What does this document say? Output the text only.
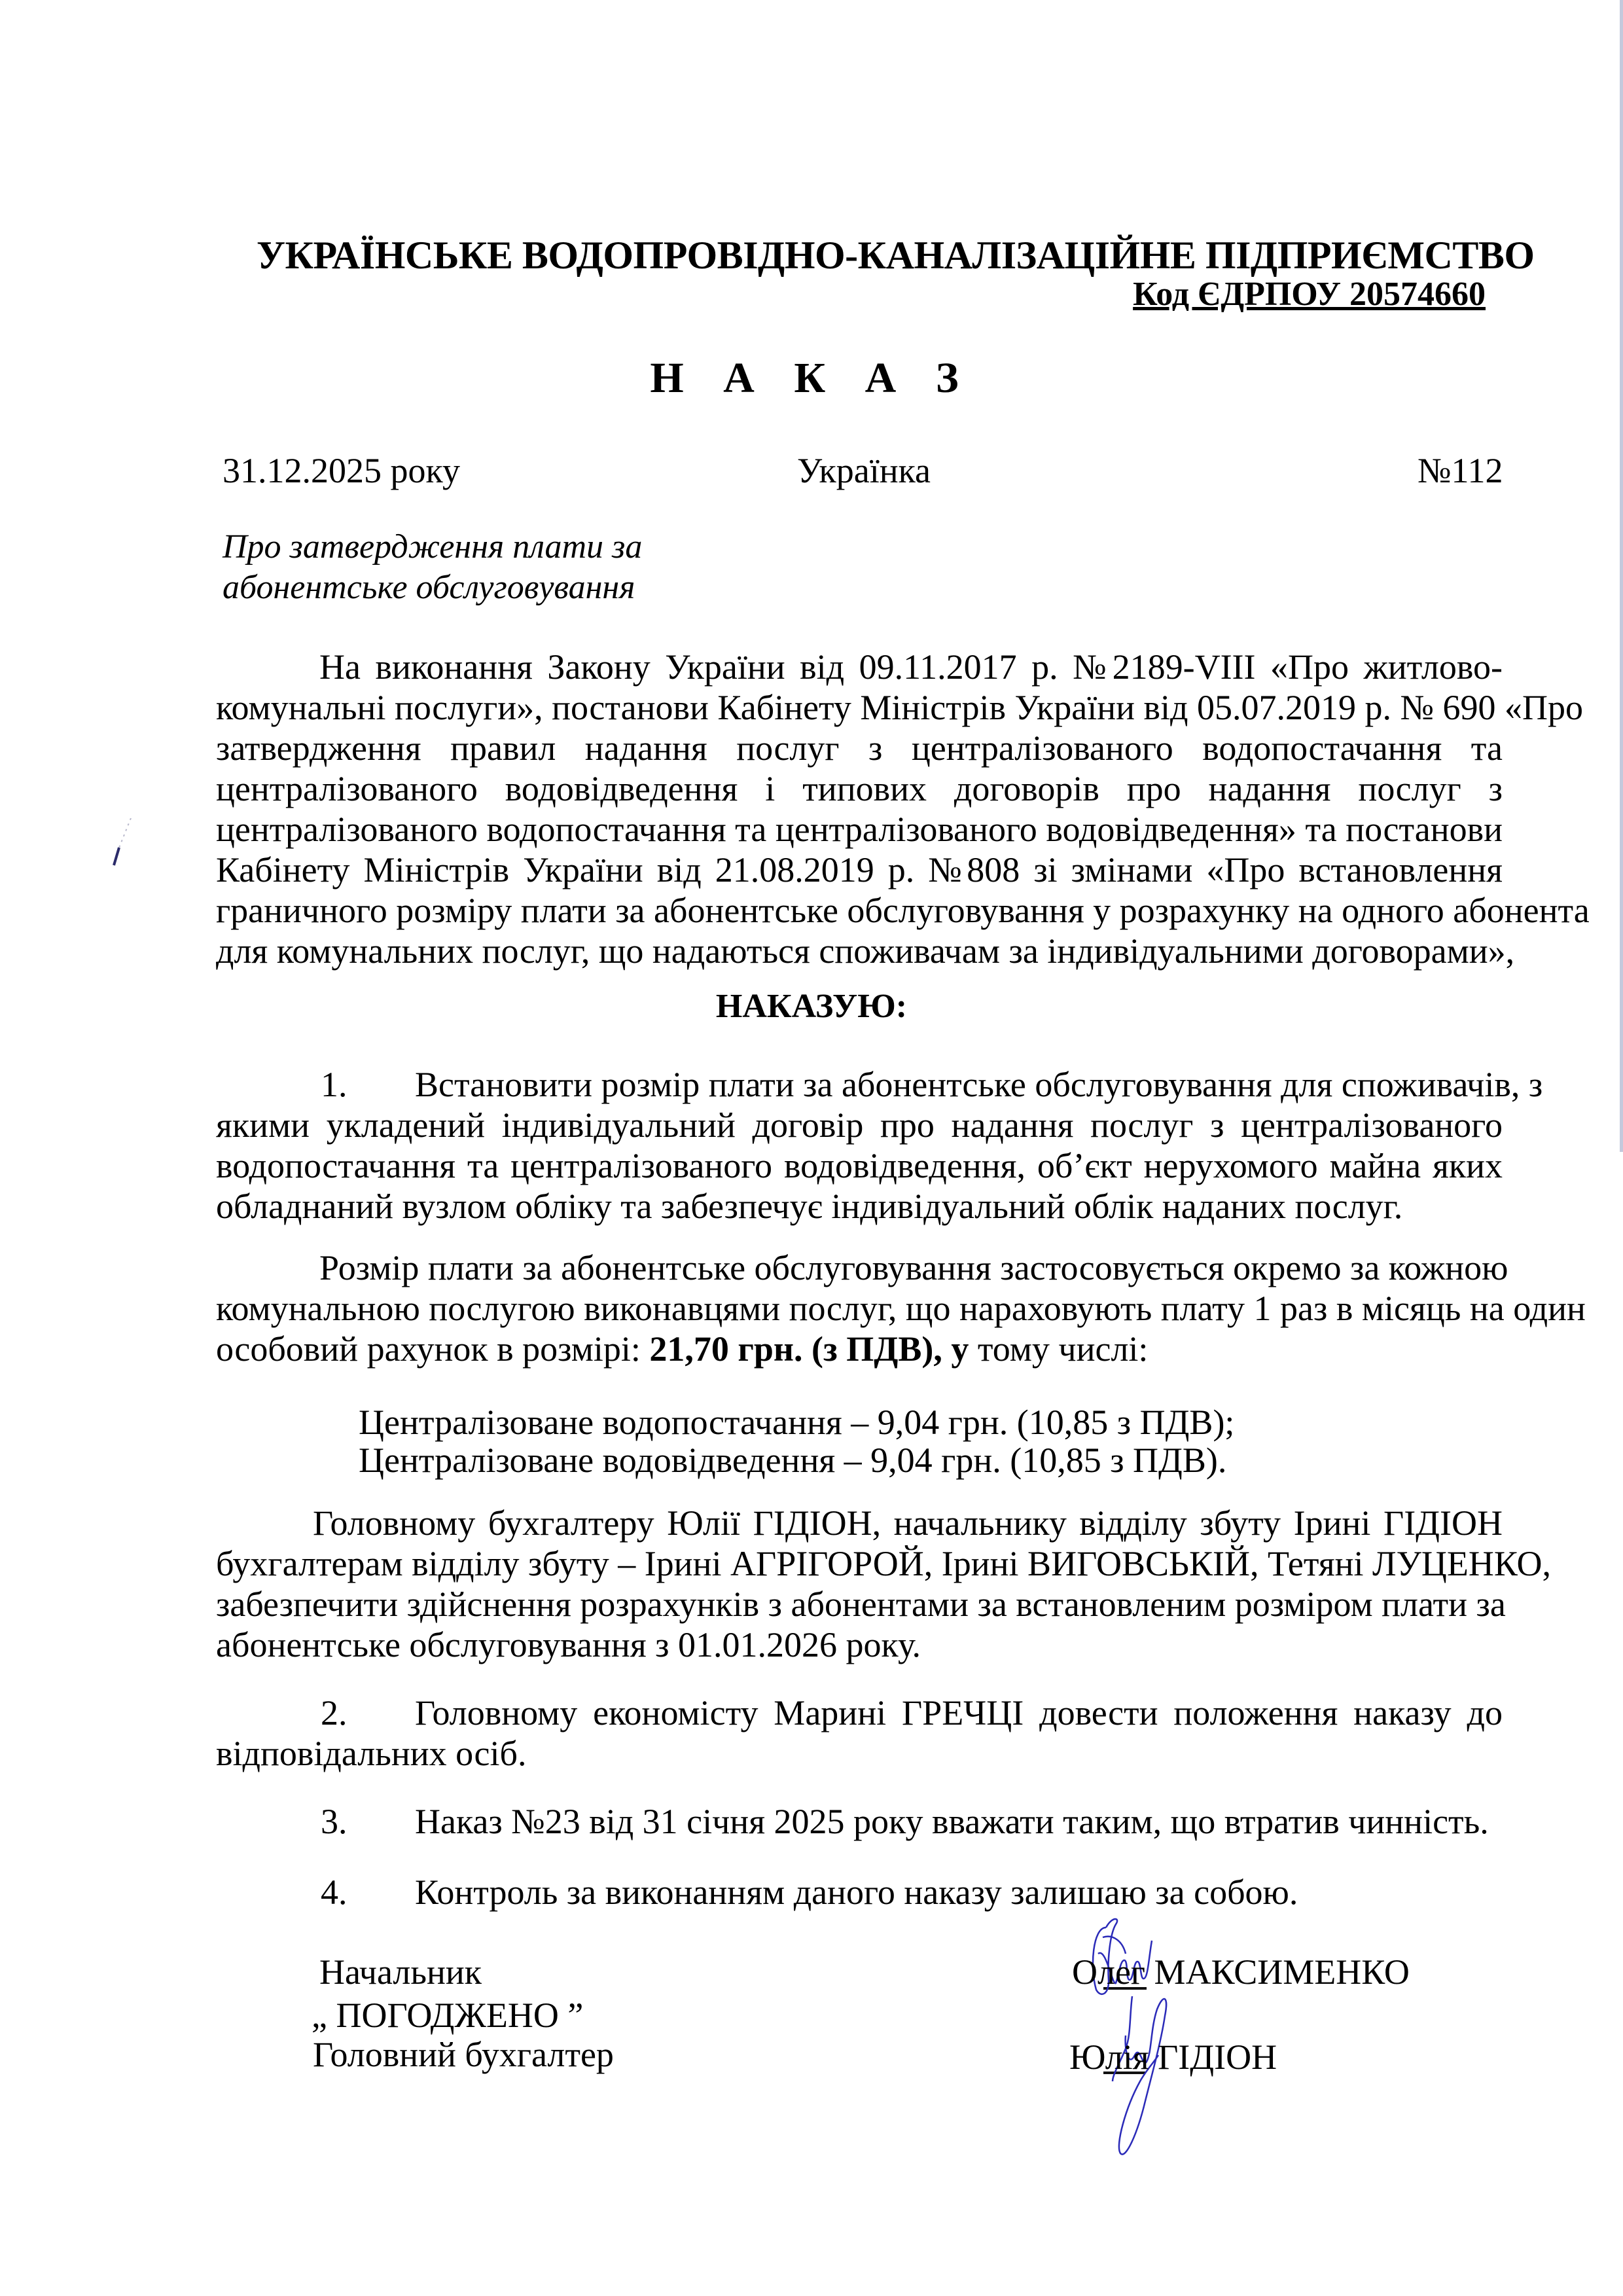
УКРАЇНСЬКЕ ВОДОПРОВІДНО-КАНАЛІЗАЦІЙНЕ ПІДПРИЄМСТВО
Код ЄДРПОУ 20574660
Н А К А З
31.12.2025 року	Українка	№112
Про затвердження плати за
абонентське обслуговування
На виконання Закону України від 09.11.2017 р. №2189-VIII «Про житлово-
комунальні послуги», постанови Кабінету Міністрів України від 05.07.2019 р. № 690 «Про
затвердження правил надання послуг з централізованого водопостачання та
централізованого водовідведення і типових договорів про надання послуг з
централізованого водопостачання та централізованого водовідведення» та постанови
Кабінету Міністрів України від 21.08.2019 р. №808 зі змінами «Про встановлення
граничного розміру плати за абонентське обслуговування у розрахунку на одного абонента
для комунальних послуг, що надаються споживачам за індивідуальними договорами»,
НАКАЗУЮ:
1. Встановити розмір плати за абонентське обслуговування для споживачів, з
якими укладений індивідуальний договір про надання послуг з централізованого
водопостачання та централізованого водовідведення, об’єкт нерухомого майна яких
обладнаний вузлом обліку та забезпечує індивідуальний облік наданих послуг.
Розмір плати за абонентське обслуговування застосовується окремо за кожною
комунальною послугою виконавцями послуг, що нараховують плату 1 раз в місяць на один
особовий рахунок в розмірі: 21,70 грн. (з ПДВ), у тому числі:
Централізоване водопостачання – 9,04 грн. (10,85 з ПДВ);
Централізоване водовідведення – 9,04 грн. (10,85 з ПДВ).
Головному бухгалтеру Юлії ГІДІОН, начальнику відділу збуту Ірині ГІДІОН
бухгалтерам відділу збуту – Ірині АГРІГОРОЙ, Ірині ВИГОВСЬКІЙ, Тетяні ЛУЦЕНКО,
забезпечити здійснення розрахунків з абонентами за встановленим розміром плати за
абонентське обслуговування з 01.01.2026 року.
2. Головному економісту Марині ГРЕЧЦІ довести положення наказу до
відповідальних осіб.
3. Наказ №23 від 31 січня 2025 року вважати таким, що втратив чинність.
4. Контроль за виконанням даного наказу залишаю за собою.
Начальник
„ ПОГОДЖЕНО ”
Головний бухгалтер
Олег МАКСИМЕНКО
Юлія ГІДІОН
